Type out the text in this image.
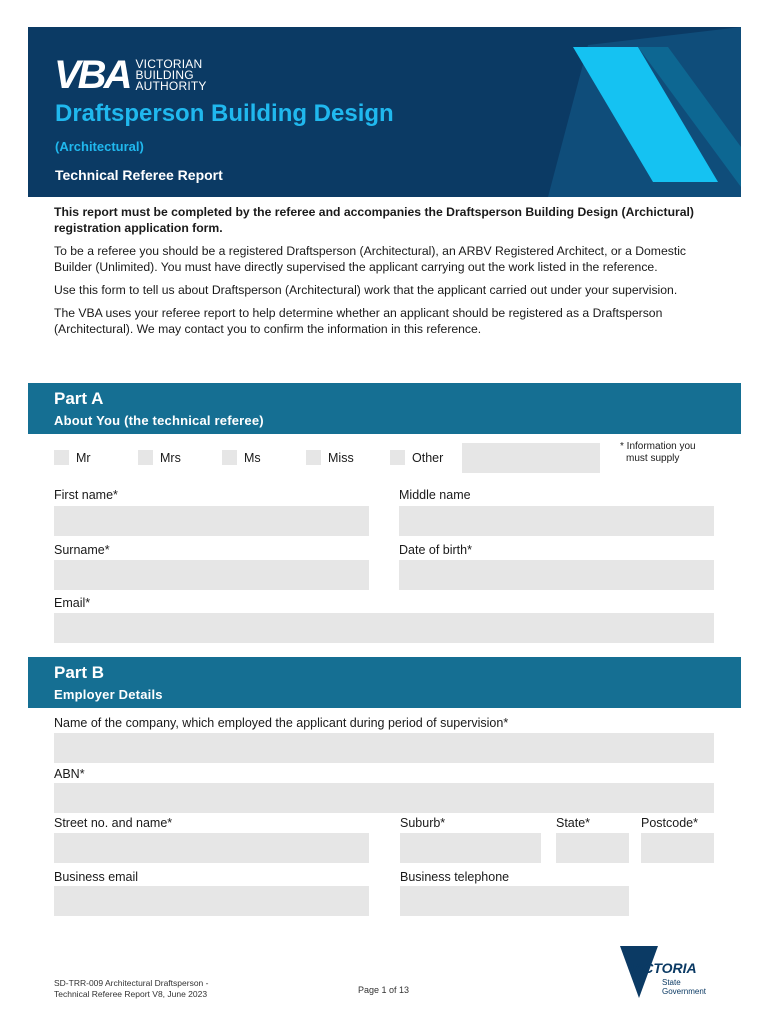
VBA VICTORIAN
BUILDING
AUTHORITY
Draftsperson Building Design
(Architectural)
Technical Referee Report

This report must be completed by the referee and accompanies the Draftsperson Building Design (Archictural) registration application form.

To be a referee you should be a registered Draftsperson (Architectural), an ARBV Registered Architect, or a Domestic Builder (Unlimited). You must have directly supervised the applicant carrying out the work listed in the reference.

Use this form to tell us about Draftsperson (Architectural) work that the applicant carried out under your supervision.

The VBA uses your referee report to help determine whether an applicant should be registered as a Draftsperson (Architectural). We may contact you to confirm the information in this reference.

Part A
About You (the technical referee)
Mr	Mrs	Ms	Miss	Other
* Information you
must supply
First name*	Middle name
Surname*	Date of birth*
Email*
Part B
Employer Details
Name of the company, which employed the applicant during period of supervision*
ABN*
Street no. and name*	Suburb*	State*	Postcode*
Business email	Business telephone
SD-TRR-009 Architectural Draftsperson -
Technical Referee Report V8, June 2023	Page 1 of 13
VICTORIA
State
Government
